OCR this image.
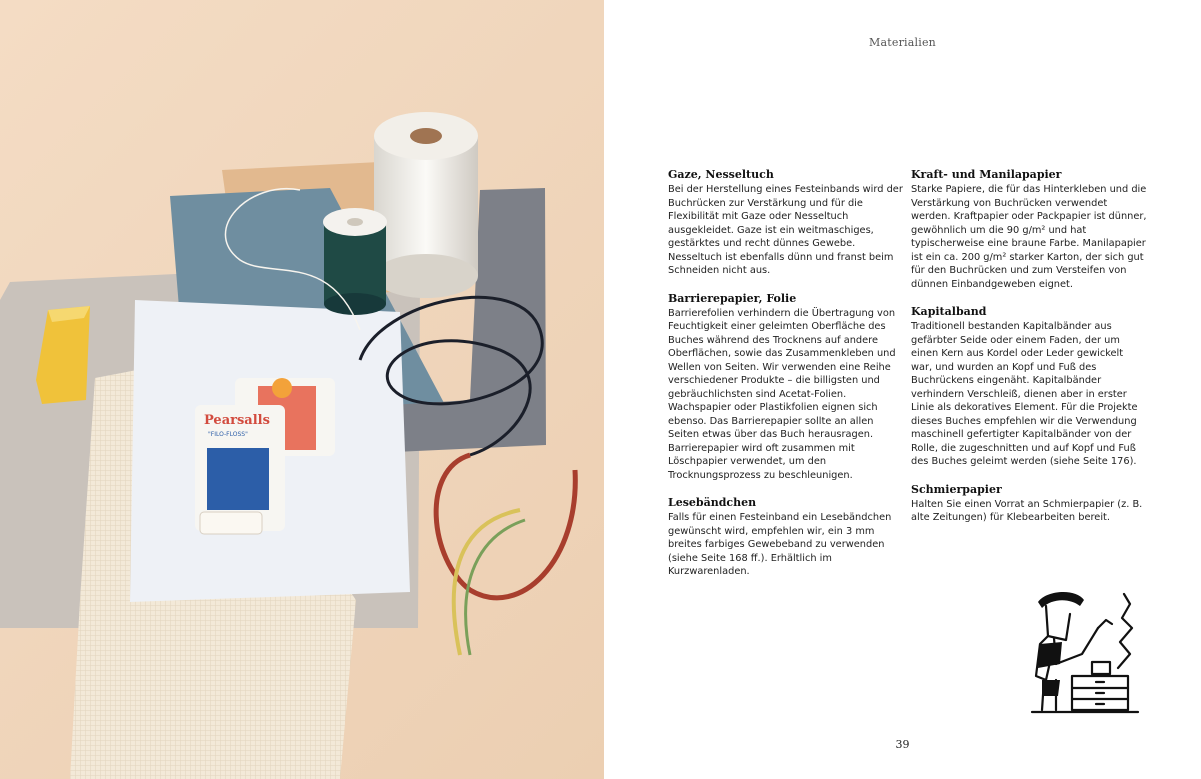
Pearsalls
"FILO-FLOSS"
Materialien
Gaze, Nesseltuch

Bei der Herstellung eines Festeinbands wird der Buchrücken zur Verstärkung und für die Flexibilität mit Gaze oder Nesseltuch ausgekleidet. Gaze ist ein weitmaschiges, gestärktes und recht dünnes Gewebe. Nesseltuch ist ebenfalls dünn und franst beim Schneiden nicht aus.

Barrierepapier, Folie

Barrierefolien verhindern die Übertragung von Feuchtigkeit einer geleimten Oberfläche des Buches während des Trocknens auf andere Oberflächen, sowie das Zusammenkleben und Wellen von Seiten. Wir verwenden eine Reihe verschiedener Produkte – die billigsten und gebräuchlichsten sind Acetat-Folien. Wachspapier oder Plastikfolien eignen sich ebenso. Das Barrierepapier sollte an allen Seiten etwas über das Buch herausragen. Barrierepapier wird oft zusammen mit Löschpapier verwendet, um den Trocknungsprozess zu beschleunigen.

Lesebändchen

Falls für einen Festeinband ein Lesebändchen gewünscht wird, empfehlen wir, ein 3 mm breites farbiges Gewebeband zu verwenden (siehe Seite 168 ff.). Erhältlich im Kurzwarenladen.

Kraft- und Manilapapier

Starke Papiere, die für das Hinterkleben und die Verstärkung von Buchrücken verwendet werden. Kraftpapier oder Packpapier ist dünner, gewöhnlich um die 90 g/m² und hat typischerweise eine braune Farbe. Manilapapier ist ein ca. 200 g/m² starker Karton, der sich gut für den Buchrücken und zum Versteifen von dünnen Einbandgeweben eignet.

Kapitalband

Traditionell bestanden Kapitalbänder aus gefärbter Seide oder einem Faden, der um einen Kern aus Kordel oder Leder gewickelt war, und wurden an Kopf und Fuß des Buchrückens eingenäht. Kapitalbänder verhindern Verschleiß, dienen aber in erster Linie als dekoratives Element. Für die Projekte dieses Buches empfehlen wir die Verwendung maschinell gefertigter Kapitalbänder von der Rolle, die zugeschnitten und auf Kopf und Fuß des Buches geleimt werden (siehe Seite 176).

Schmierpapier

Halten Sie einen Vorrat an Schmierpapier (z. B. alte Zeitungen) für Klebearbeiten bereit.

39
